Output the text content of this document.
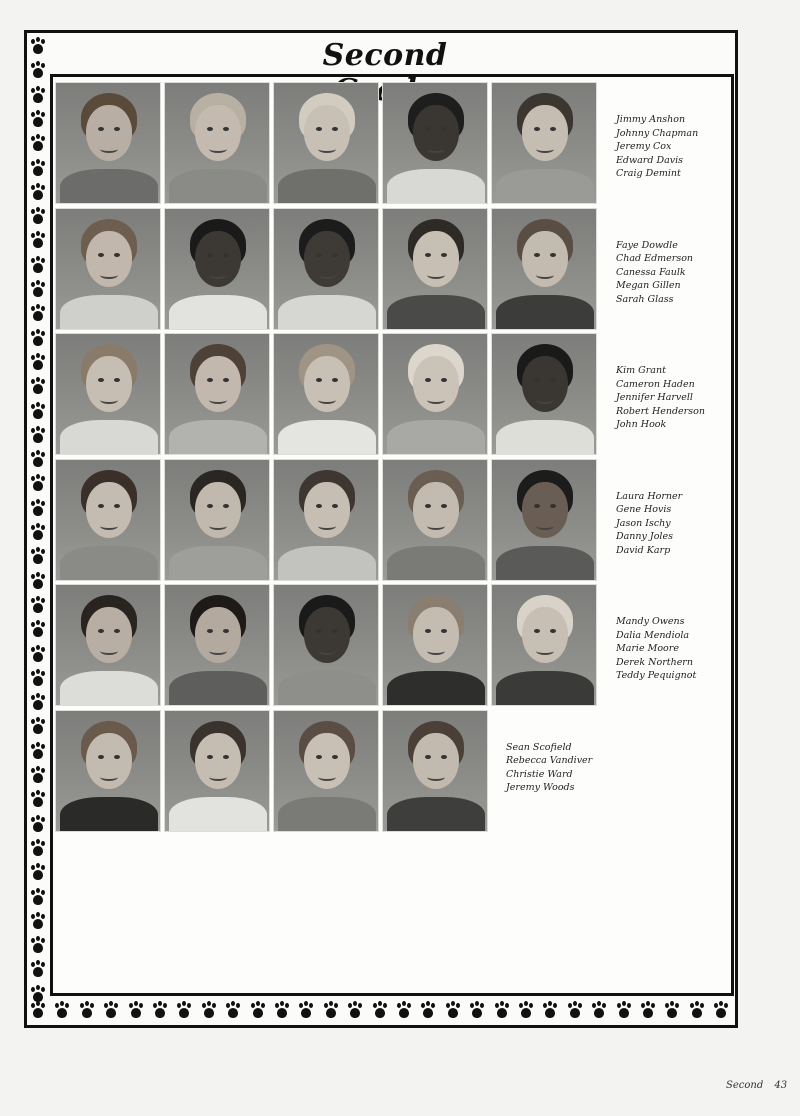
Second
Jimmy Anshon
Johnny Chapman
Jeremy Cox
Edward Davis
Craig Demint
Faye Dowdle
Chad Edmerson
Canessa Faulk
Megan Gillen
Sarah Glass
Kim Grant
Cameron Haden
Jennifer Harvell
Robert Henderson
John Hook
Laura Horner
Gene Hovis
Jason Ischy
Danny Joles
David Karp
Mandy Owens
Dalia Mendiola
Marie Moore
Derek Northern
Teddy Pequignot
Sean Scofield
Rebecca Vandiver
Christie Ward
Jeremy Woods
Second 43
